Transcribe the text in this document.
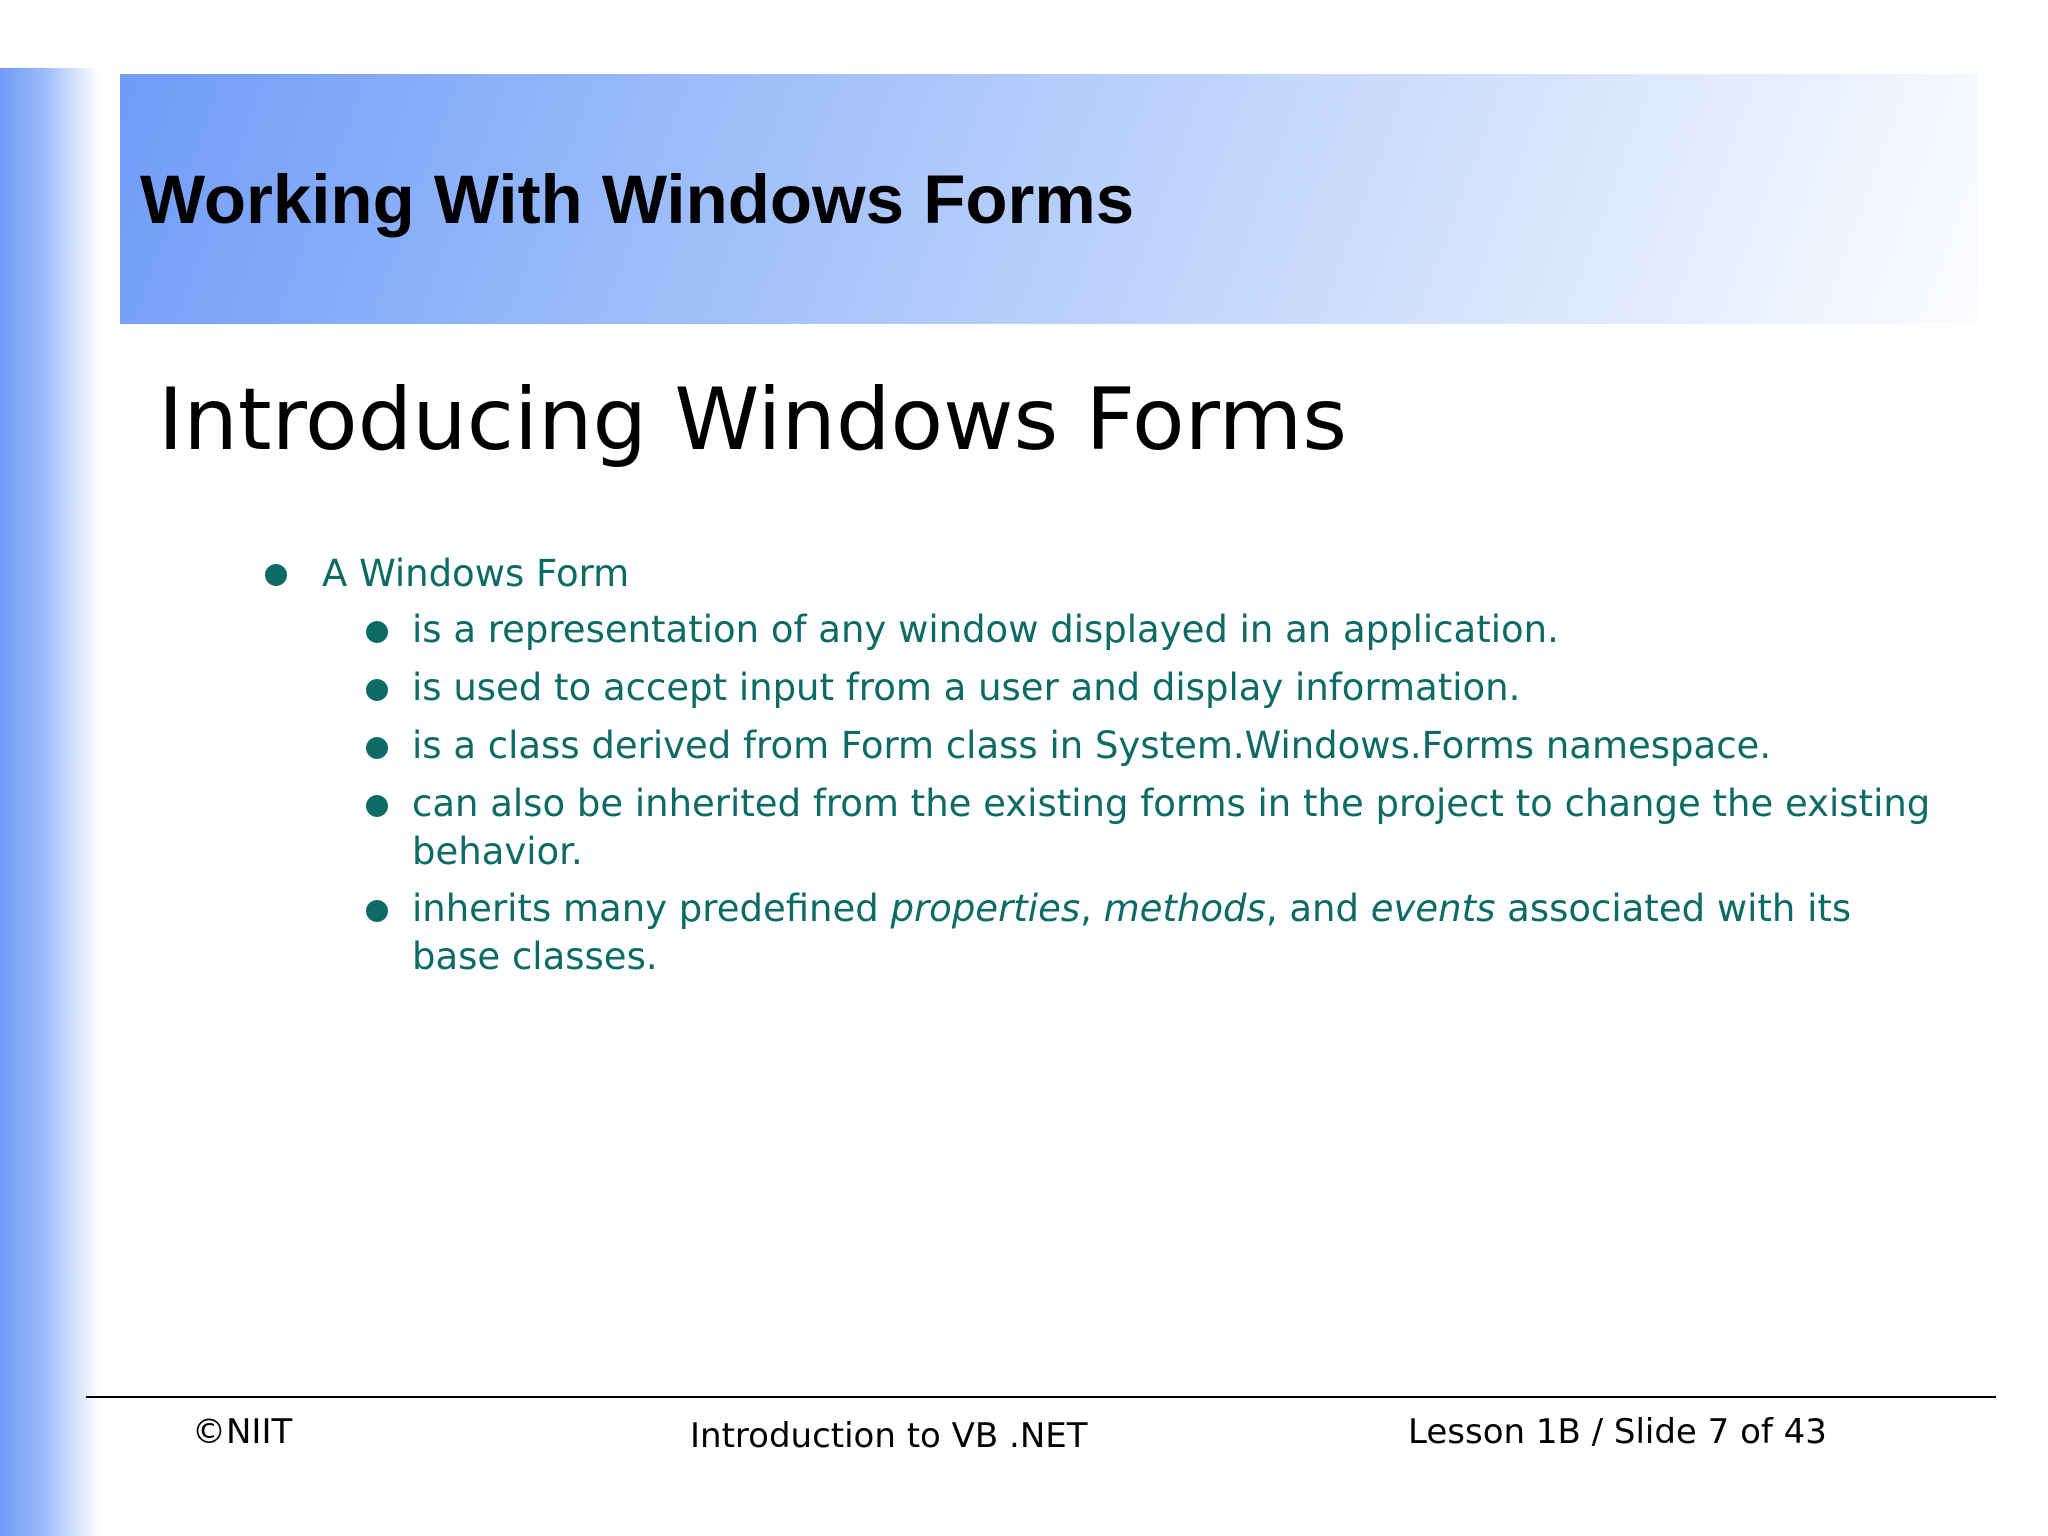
Working With Windows Forms
Introducing Windows Forms
A Windows Form
is a representation of any window displayed in an application.
is used to accept input from a user and display information.
is a class derived from Form class in System.Windows.Forms namespace.
can also be inherited from the existing forms in the project to change the existing behavior.
inherits many predefined properties, methods, and events associated with its base classes.
©NIIT	Introduction to VB .NET	Lesson 1B / Slide 7 of 43
